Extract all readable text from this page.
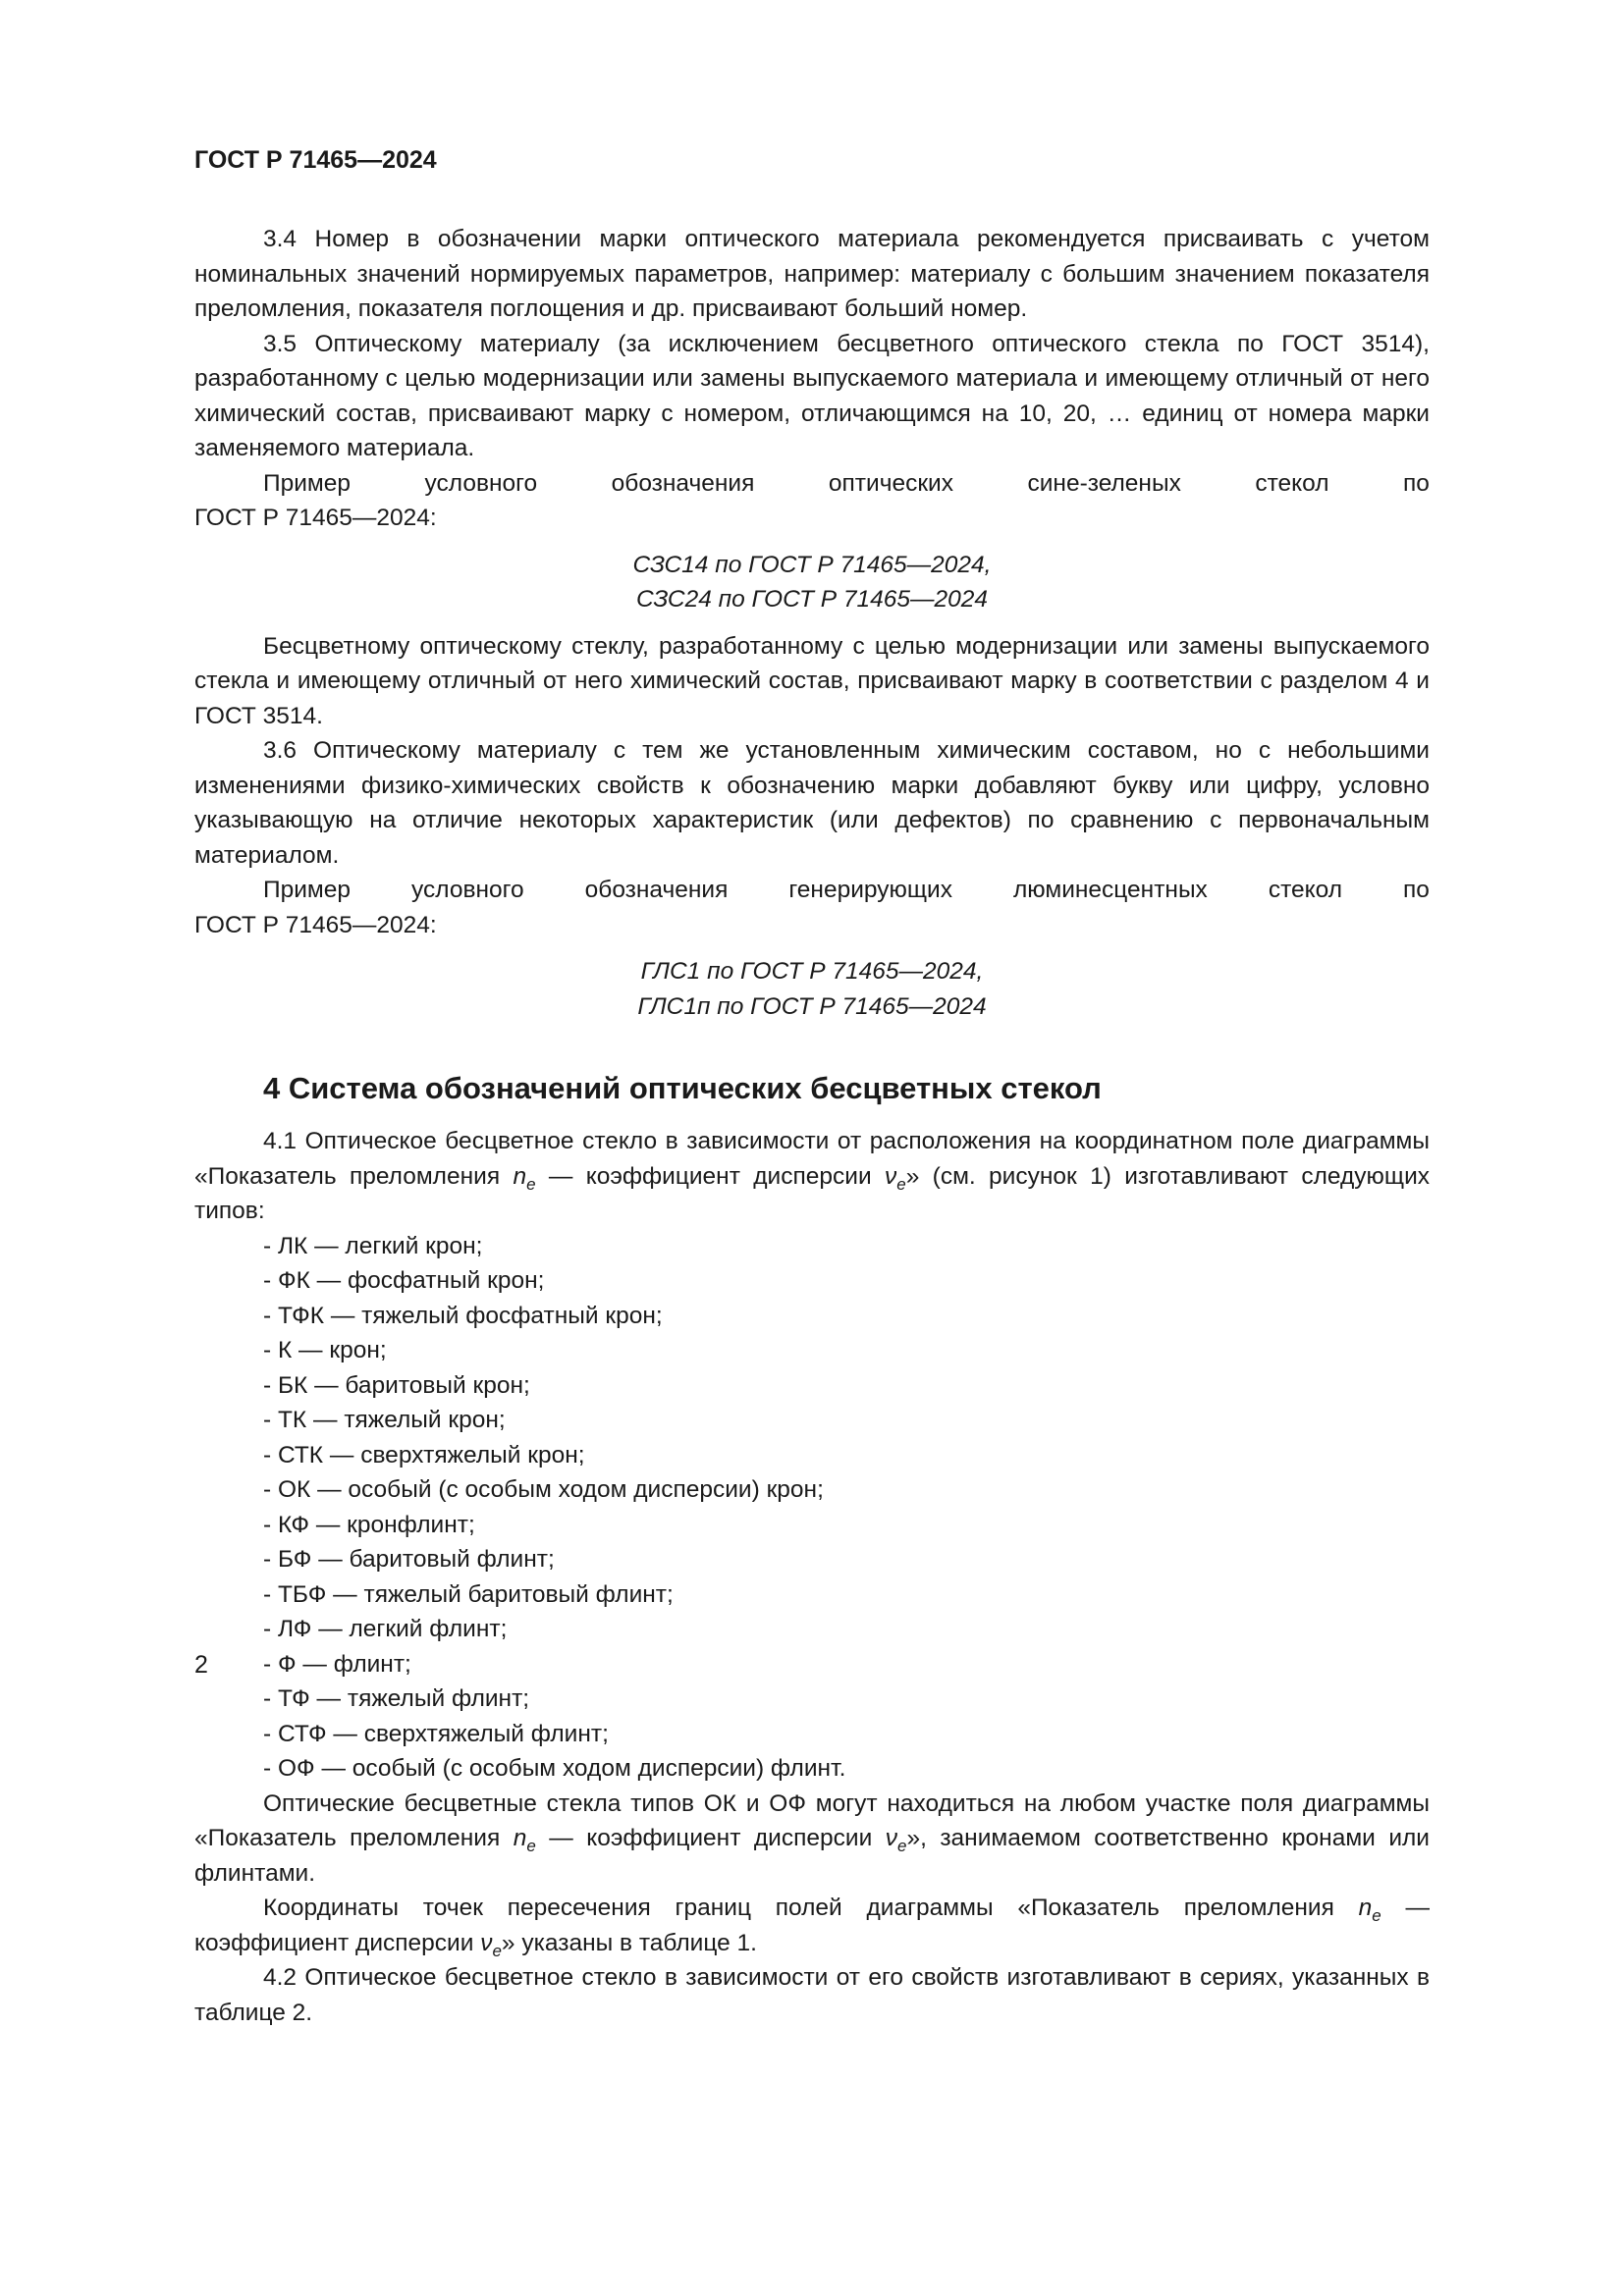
ГОСТ Р 71465—2024

3.4 Номер в обозначении марки оптического материала рекомендуется присваивать с учетом номинальных значений нормируемых параметров, например: материалу с большим значением показателя преломления, показателя поглощения и др. присваивают больший номер.

3.5 Оптическому материалу (за исключением бесцветного оптического стекла по ГОСТ 3514), разработанному с целью модернизации или замены выпускаемого материала и имеющему отличный от него химический состав, присваивают марку с номером, отличающимся на 10, 20, … единиц от номера марки заменяемого материала.

Пример	условного	обозначения	оптических	сине-зеленых	стекол	по

ГОСТ Р 71465—2024:

СЗС14 по ГОСТ Р 71465—2024,

СЗС24 по ГОСТ Р 71465—2024

Бесцветному оптическому стеклу, разработанному с целью модернизации или замены выпускаемого стекла и имеющему отличный от него химический состав, присваивают марку в соответствии с разделом 4 и ГОСТ 3514.

3.6 Оптическому материалу с тем же установленным химическим составом, но с небольшими изменениями физико-химических свойств к обозначению марки добавляют букву или цифру, условно указывающую на отличие некоторых характеристик (или дефектов) по сравнению с первоначальным материалом.

Пример	условного	обозначения	генерирующих	люминесцентных	стекол	по

ГОСТ Р 71465—2024:

ГЛС1 по ГОСТ Р 71465—2024,

ГЛС1п по ГОСТ Р 71465—2024

4 Система обозначений оптических бесцветных стекол

4.1 Оптическое бесцветное стекло в зависимости от расположения на координатном поле диаграммы «Показатель преломления $n_e$ — коэффициент дисперсии $\nu_e$» (см. рисунок 1) изготавливают следующих типов:

- ЛК — легкий крон;
- ФК — фосфатный крон;
- ТФК — тяжелый фосфатный крон;
- К — крон;
- БК — баритовый крон;
- ТК — тяжелый крон;
- СТК — сверхтяжелый крон;
- ОК — особый (с особым ходом дисперсии) крон;
- КФ — кронфлинт;
- БФ — баритовый флинт;
- ТБФ — тяжелый баритовый флинт;
- ЛФ — легкий флинт;
- Ф — флинт;
- ТФ — тяжелый флинт;
- СТФ — сверхтяжелый флинт;
- ОФ — особый (с особым ходом дисперсии) флинт.

Оптические бесцветные стекла типов ОК и ОФ могут находиться на любом участке поля диаграммы «Показатель преломления $n_e$ — коэффициент дисперсии $\nu_e$», занимаемом соответственно кронами или флинтами.

Координаты точек пересечения границ полей диаграммы «Показатель преломления $n_e$ — коэффициент дисперсии $\nu_e$» указаны в таблице 1.

4.2 Оптическое бесцветное стекло в зависимости от его свойств изготавливают в сериях, указанных в таблице 2.

2
